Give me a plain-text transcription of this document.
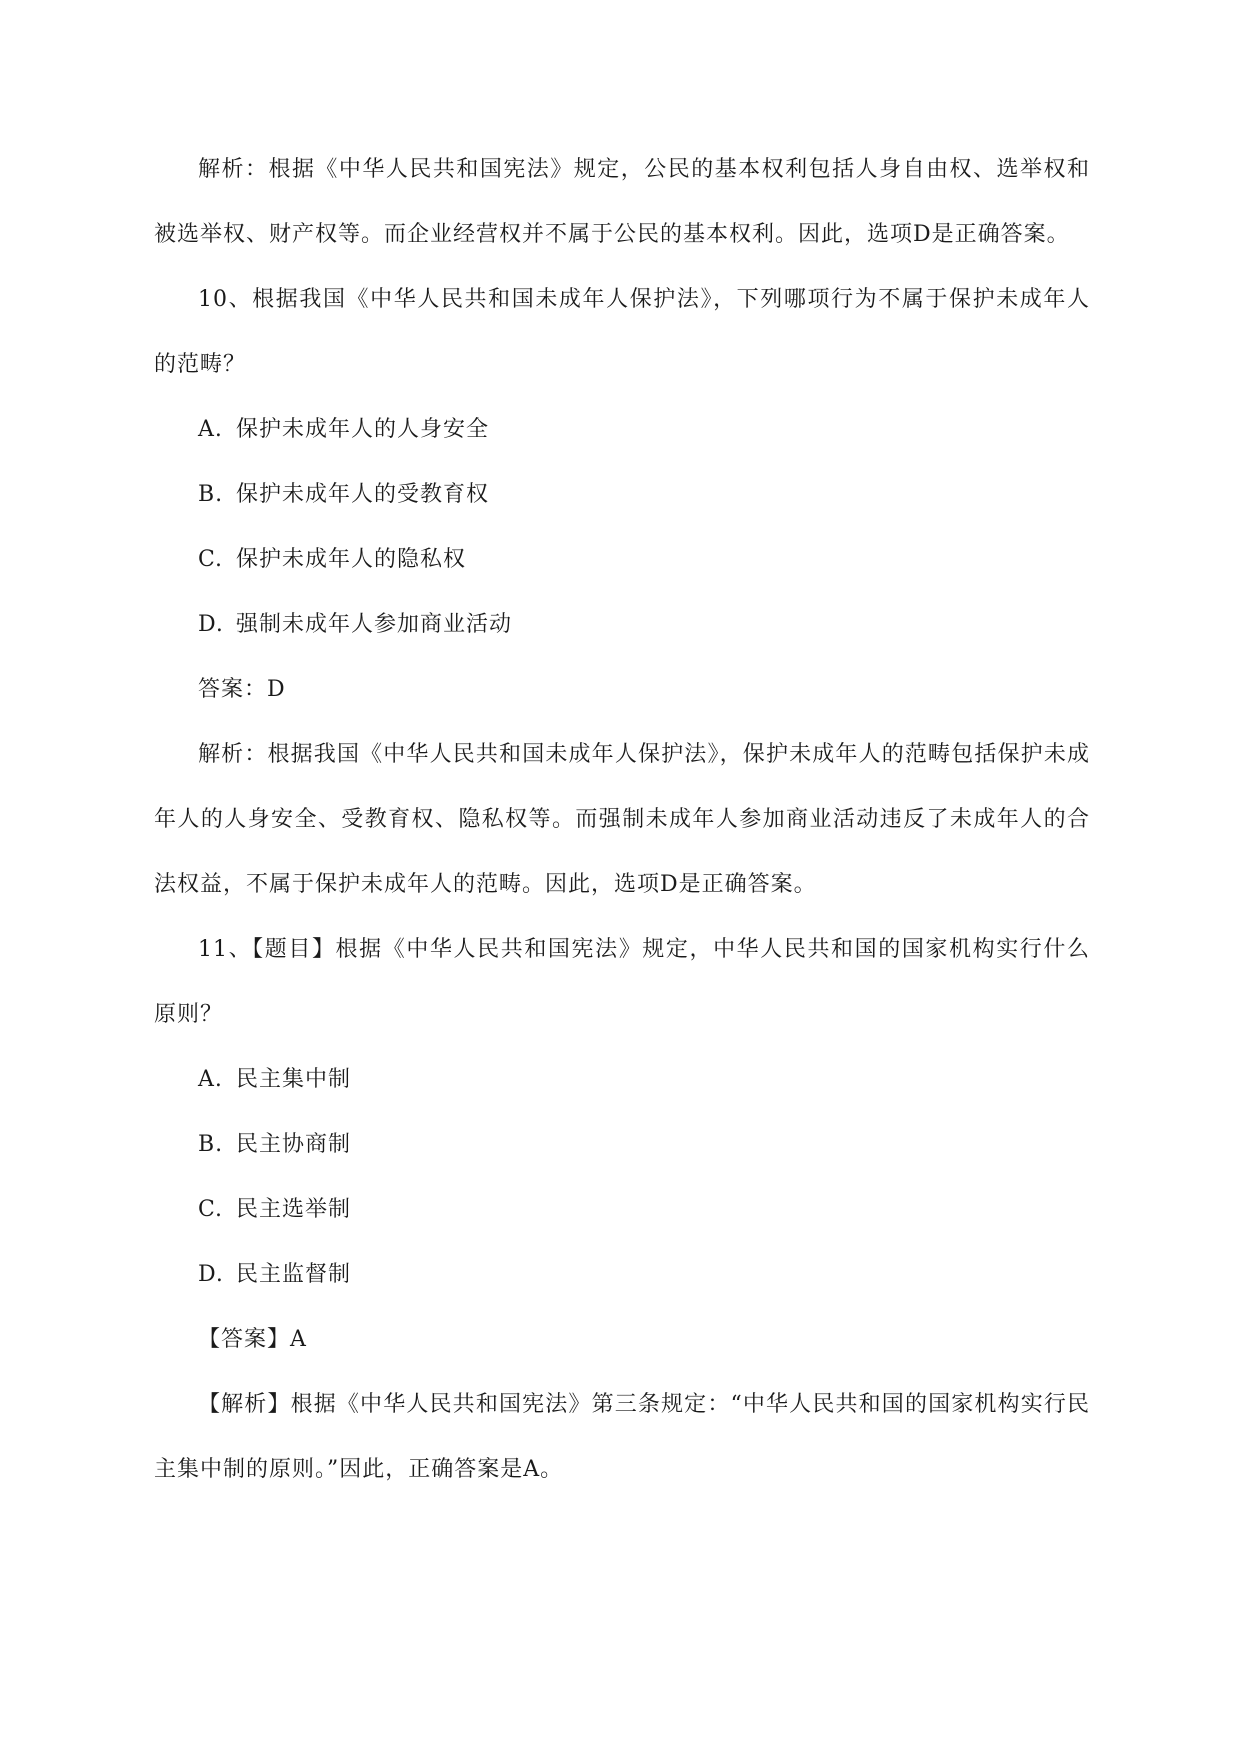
解析：根据《中华人民共和国宪法》规定，公民的基本权利包括人身自由权、选举权和被选举权、财产权等。而企业经营权并不属于公民的基本权利。因此，选项D是正确答案。

10、根据我国《中华人民共和国未成年人保护法》，下列哪项行为不属于保护未成年人的范畴？

A. 保护未成年人的人身安全

B. 保护未成年人的受教育权

C. 保护未成年人的隐私权

D. 强制未成年人参加商业活动

答案：D

解析：根据我国《中华人民共和国未成年人保护法》，保护未成年人的范畴包括保护未成年人的人身安全、受教育权、隐私权等。而强制未成年人参加商业活动违反了未成年人的合法权益，不属于保护未成年人的范畴。因此，选项D是正确答案。

11、【题目】根据《中华人民共和国宪法》规定，中华人民共和国的国家机构实行什么原则？

A. 民主集中制

B. 民主协商制

C. 民主选举制

D. 民主监督制

【答案】A

【解析】根据《中华人民共和国宪法》第三条规定：“中华人民共和国的国家机构实行民主集中制的原则。”因此，正确答案是A。
